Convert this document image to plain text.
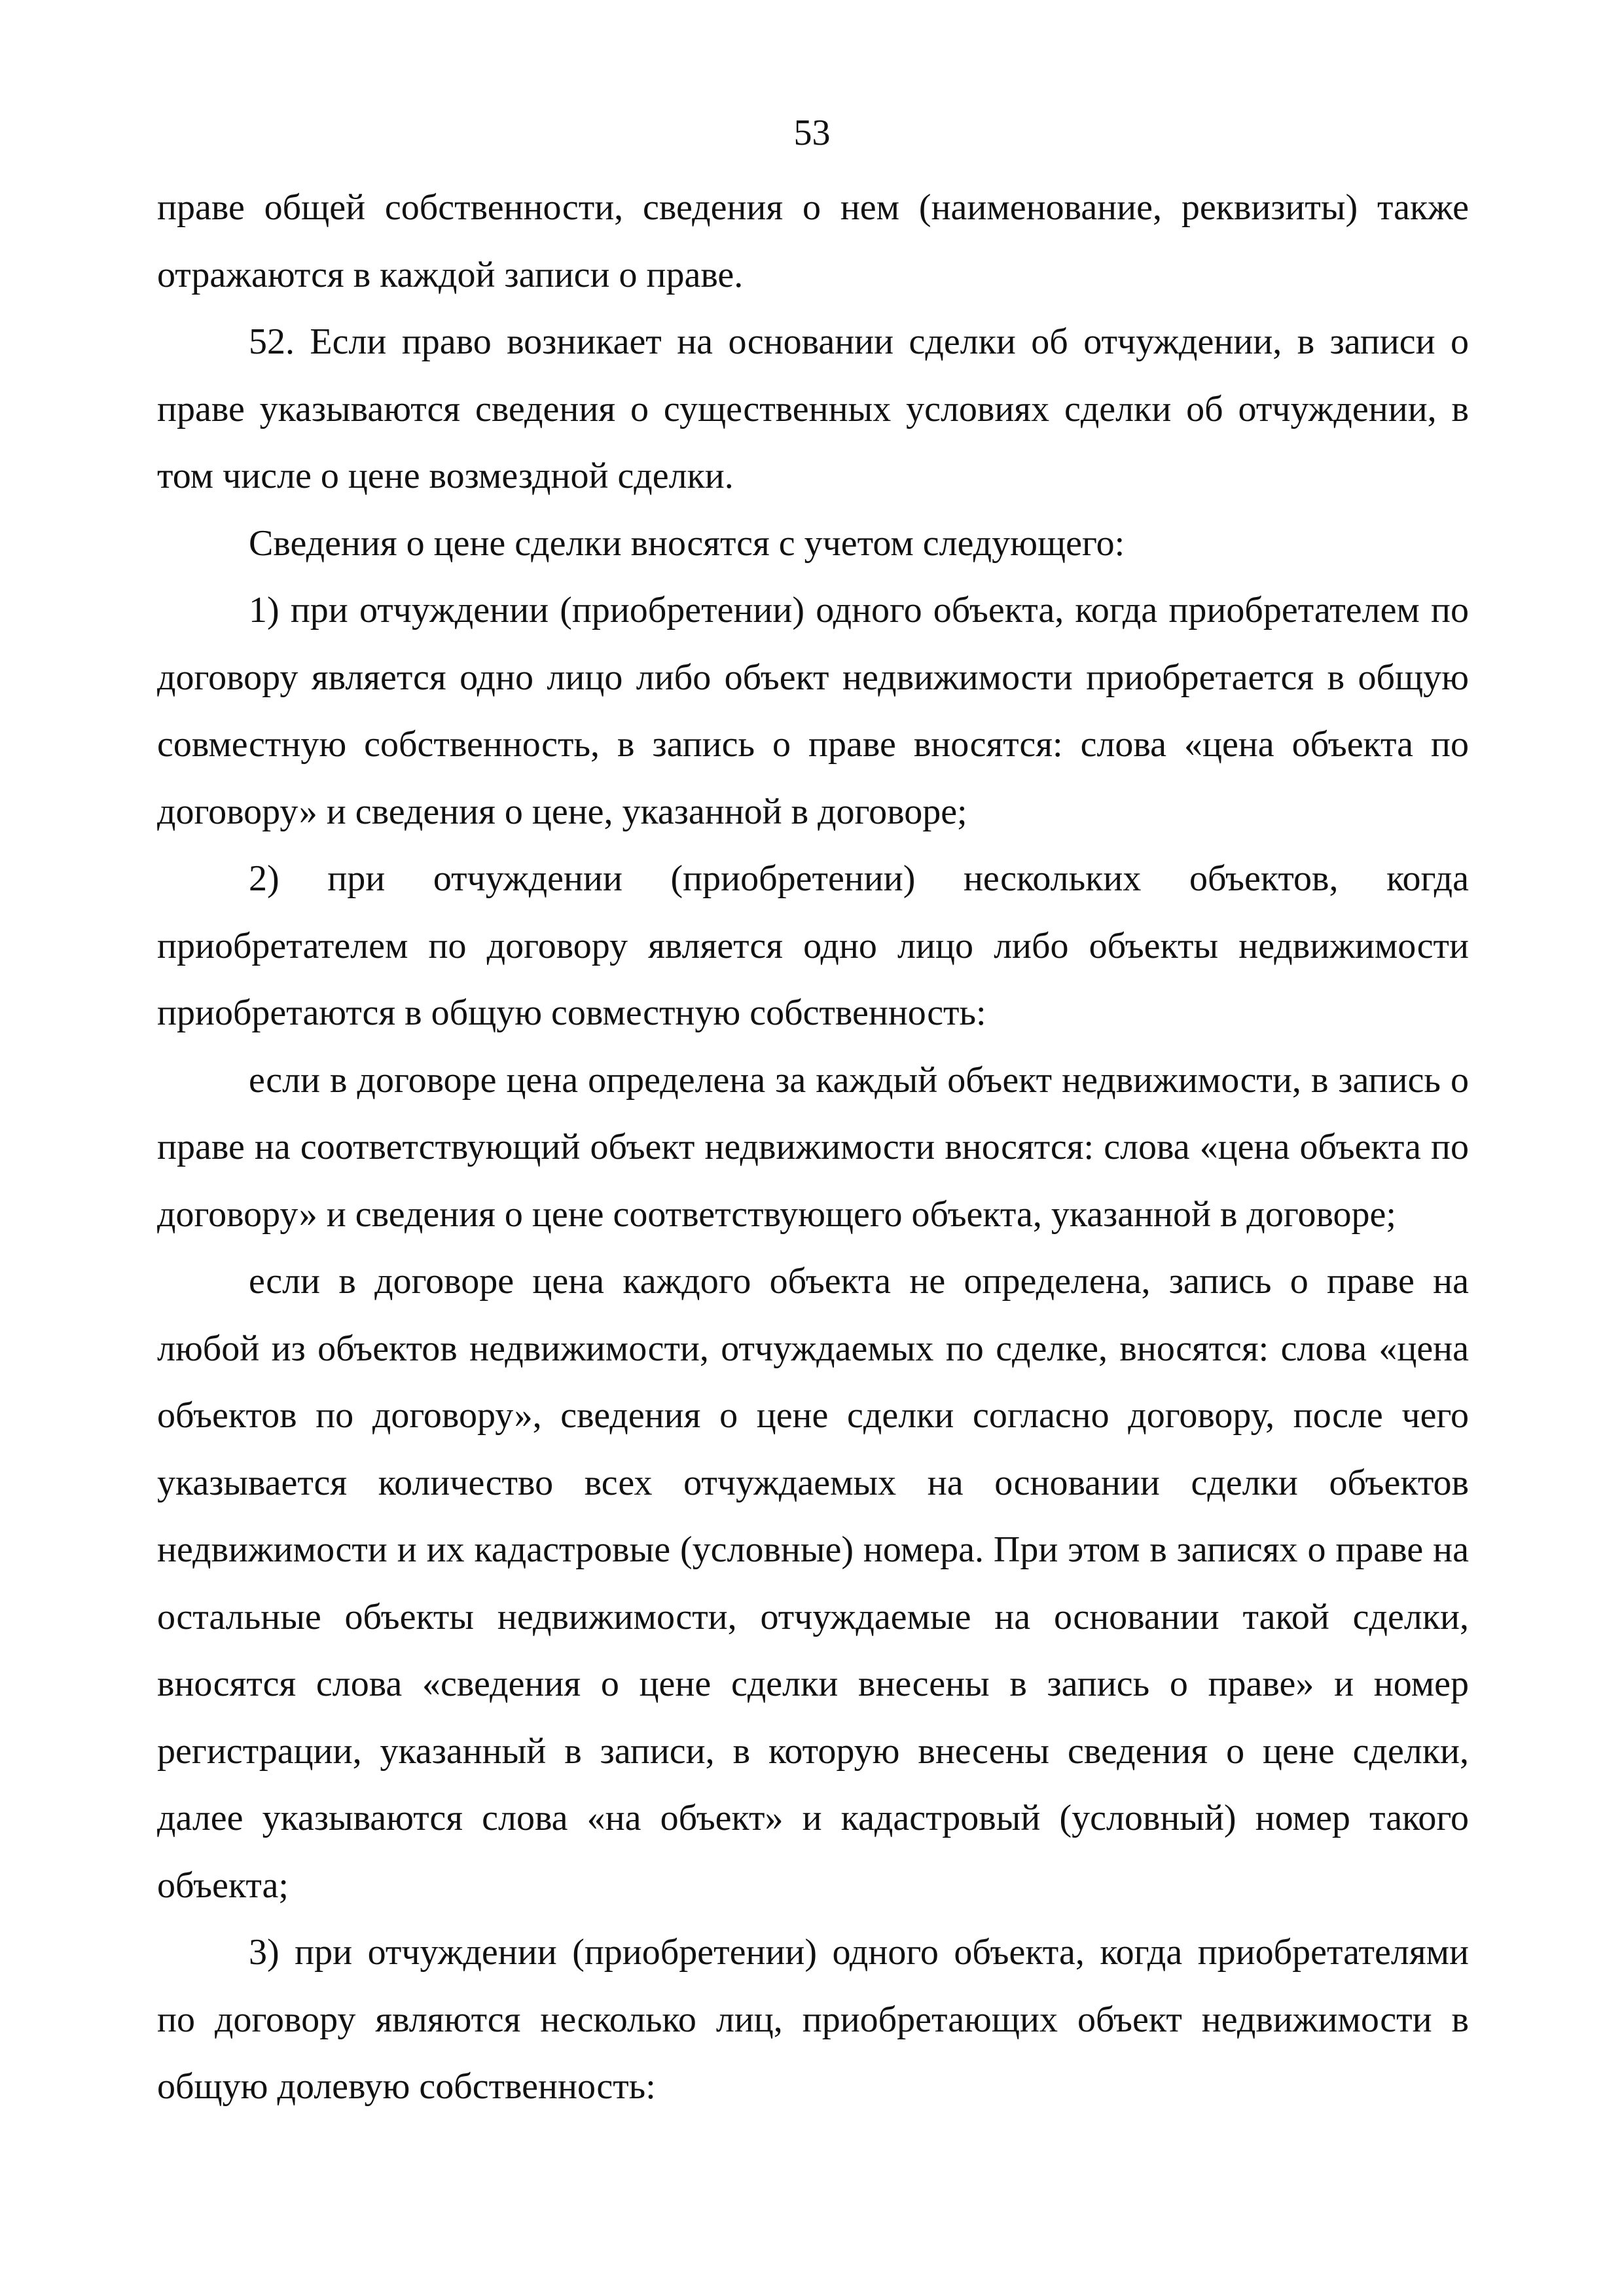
53

праве общей собственности, сведения о нем (наименование, реквизиты) также отражаются в каждой записи о праве.

52. Если право возникает на основании сделки об отчуждении, в записи о праве указываются сведения о существенных условиях сделки об отчуждении, в том числе о цене возмездной сделки.

Сведения о цене сделки вносятся с учетом следующего:

1) при отчуждении (приобретении) одного объекта, когда приобретателем по договору является одно лицо либо объект недвижимости приобретается в общую совместную собственность, в запись о праве вносятся: слова «цена объекта по договору» и сведения о цене, указанной в договоре;

2) при отчуждении (приобретении) нескольких объектов, когда приобретателем по договору является одно лицо либо объекты недвижимости приобретаются в общую совместную собственность:

если в договоре цена определена за каждый объект недвижимости, в запись о праве на соответствующий объект недвижимости вносятся: слова «цена объекта по договору» и сведения о цене соответствующего объекта, указанной в договоре;

если в договоре цена каждого объекта не определена, запись о праве на любой из объектов недвижимости, отчуждаемых по сделке, вносятся: слова «цена объектов по договору», сведения о цене сделки согласно договору, после чего указывается количество всех отчуждаемых на основании сделки объектов недвижимости и их кадастровые (условные) номера. При этом в записях о праве на остальные объекты недвижимости, отчуждаемые на основании такой сделки, вносятся слова «сведения о цене сделки внесены в запись о праве» и номер регистрации, указанный в записи, в которую внесены сведения о цене сделки, далее указываются слова «на объект» и кадастровый (условный) номер такого объекта;

3) при отчуждении (приобретении) одного объекта, когда приобретателями по договору являются несколько лиц, приобретающих объект недвижимости в общую долевую собственность:
